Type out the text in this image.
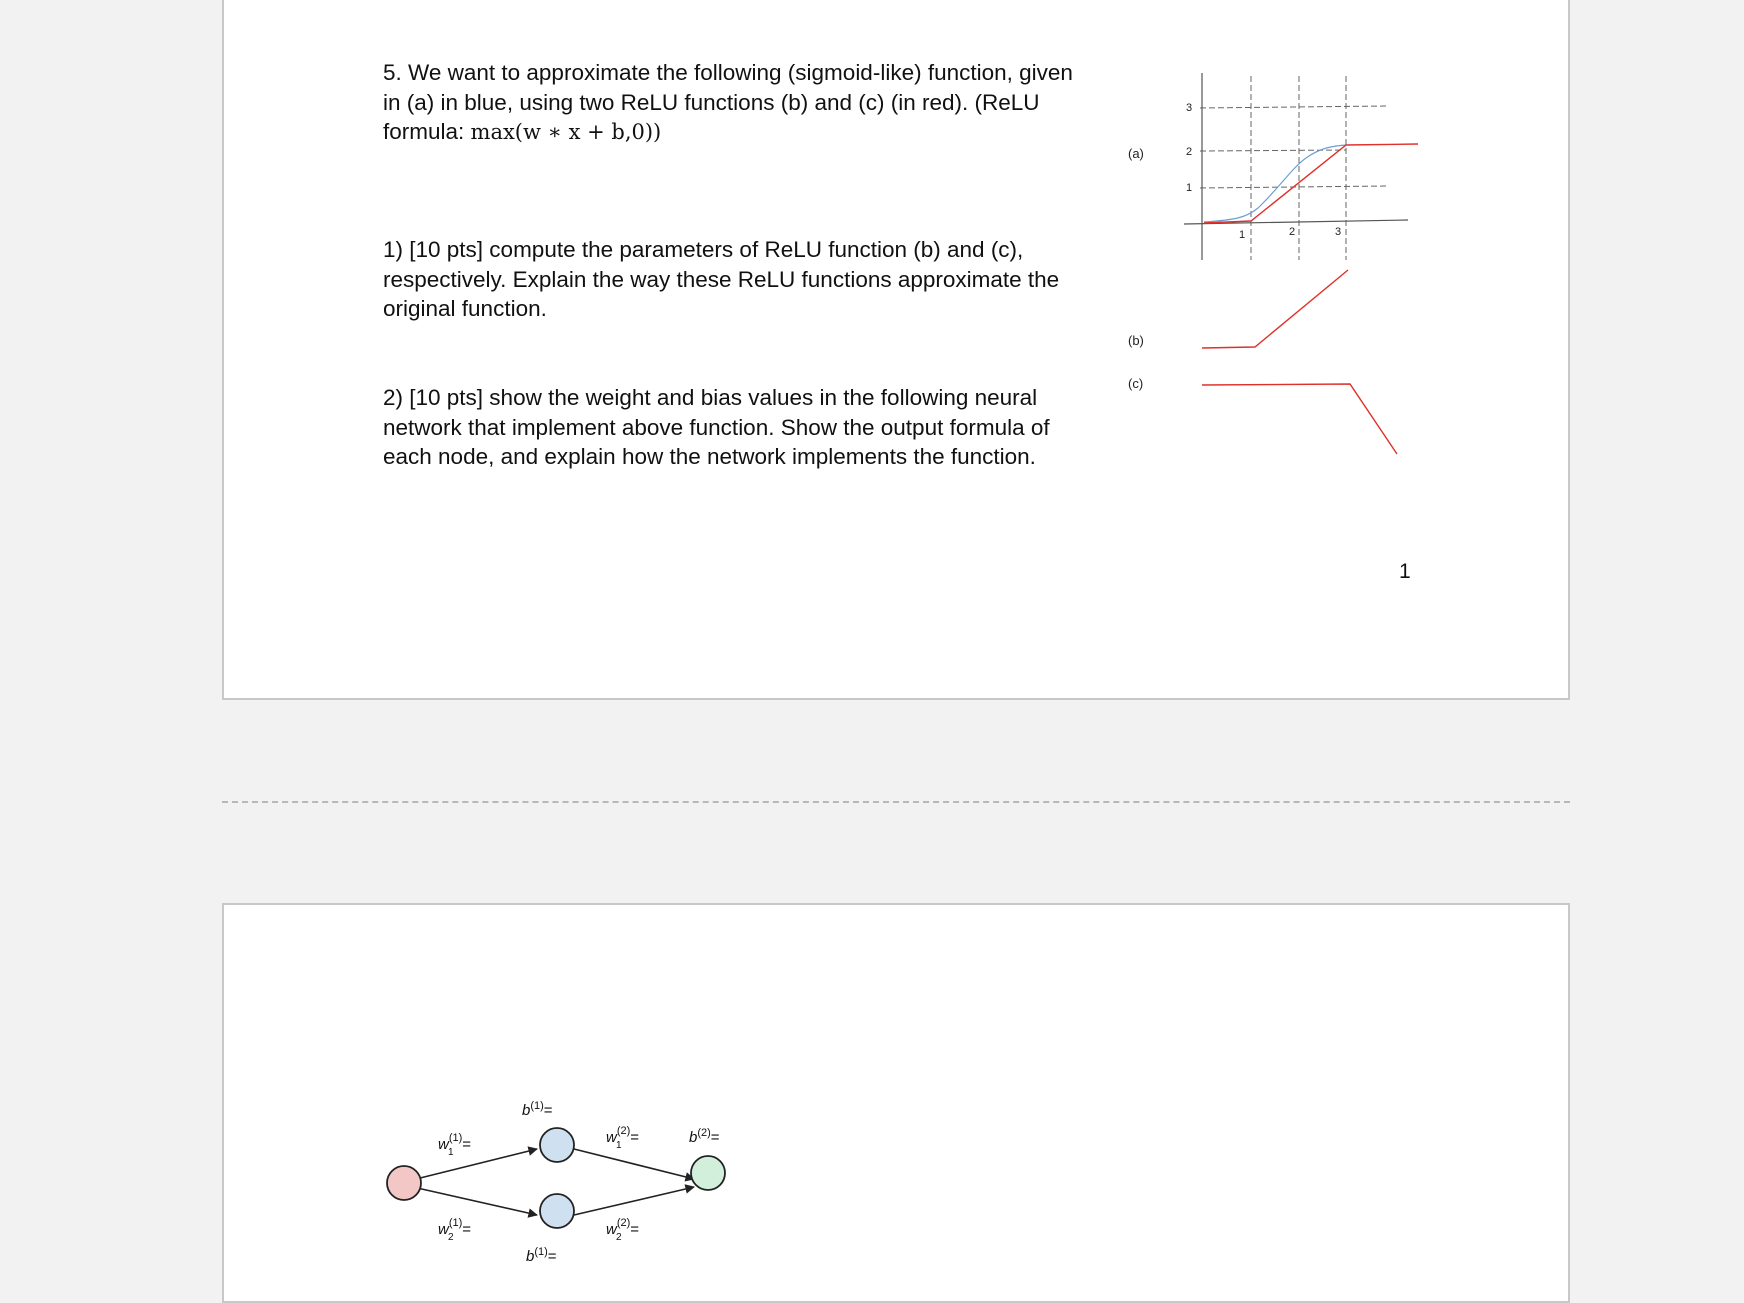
5. We want to approximate the following (sigmoid-like) function, given
in (a) in blue, using two ReLU functions (b) and (c) (in red). (ReLU
formula: max(w ∗ x + b,0))
1) [10 pts] compute the parameters of ReLU function (b) and (c),
respectively. Explain the way these ReLU functions approximate the
original function.
2) [10 pts] show the weight and bias values in the following neural
network that implement above function. Show the output formula of
each node, and explain how the network implements the function.
(a)
3
2
1
1	2	3
(b)
(c)
1
$b^{(1)}=$
$b^{(1)}=$
$b^{(2)}=$
$w^{(1)}=$
$w^{(1)}=$
$w^{(2)}=$
$w^{(2)}=$
1
2
1
2
